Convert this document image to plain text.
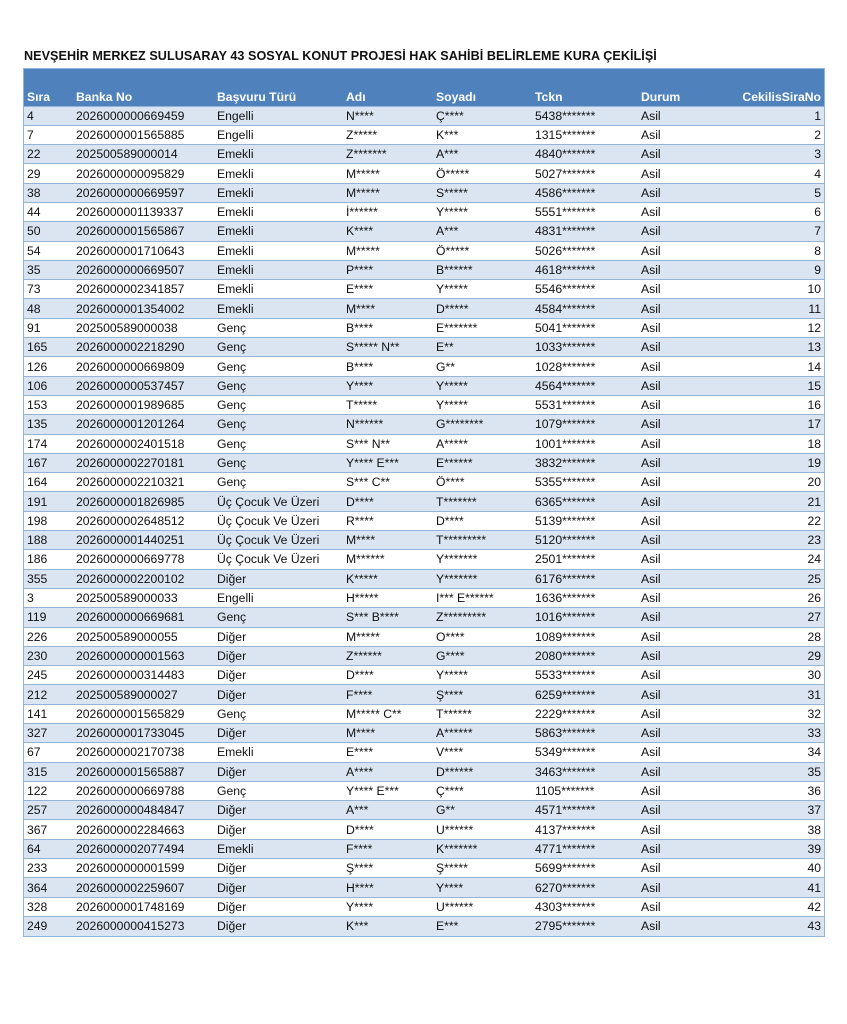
NEVŞEHİR MERKEZ SULUSARAY 43 SOSYAL KONUT PROJESİ HAK SAHİBİ BELİRLEME KURA ÇEKİLİŞİ
Sıra	Banka No	Başvuru Türü	Adı	Soyadı	Tckn	Durum	CekilisSiraNo
4	2026000000669459	Engelli	N****	Ç****	5438*******	Asil	1
7	2026000001565885	Engelli	Z*****	K***	1315*******	Asil	2
22	202500589000014	Emekli	Z*******	A***	4840*******	Asil	3
29	2026000000095829	Emekli	M*****	Ö*****	5027*******	Asil	4
38	2026000000669597	Emekli	M*****	S*****	4586*******	Asil	5
44	2026000001139337	Emekli	İ******	Y*****	5551*******	Asil	6
50	2026000001565867	Emekli	K****	A***	4831*******	Asil	7
54	2026000001710643	Emekli	M*****	Ö*****	5026*******	Asil	8
35	2026000000669507	Emekli	P****	B******	4618*******	Asil	9
73	2026000002341857	Emekli	E****	Y*****	5546*******	Asil	10
48	2026000001354002	Emekli	M****	D*****	4584*******	Asil	11
91	202500589000038	Genç	B****	E*******	5041*******	Asil	12
165	2026000002218290	Genç	S***** N**	E**	1033*******	Asil	13
126	2026000000669809	Genç	B****	G**	1028*******	Asil	14
106	2026000000537457	Genç	Y****	Y*****	4564*******	Asil	15
153	2026000001989685	Genç	T*****	Y*****	5531*******	Asil	16
135	2026000001201264	Genç	N******	G********	1079*******	Asil	17
174	2026000002401518	Genç	S*** N**	A*****	1001*******	Asil	18
167	2026000002270181	Genç	Y**** E***	E******	3832*******	Asil	19
164	2026000002210321	Genç	S*** C**	Ö****	5355*******	Asil	20
191	2026000001826985	Üç Çocuk Ve Üzeri	D****	T*******	6365*******	Asil	21
198	2026000002648512	Üç Çocuk Ve Üzeri	R****	D****	5139*******	Asil	22
188	2026000001440251	Üç Çocuk Ve Üzeri	M****	T*********	5120*******	Asil	23
186	2026000000669778	Üç Çocuk Ve Üzeri	M******	Y*******	2501*******	Asil	24
355	2026000002200102	Diğer	K*****	Y*******	6176*******	Asil	25
3	202500589000033	Engelli	H*****	I*** E******	1636*******	Asil	26
119	2026000000669681	Genç	S*** B****	Z*********	1016*******	Asil	27
226	202500589000055	Diğer	M*****	O****	1089*******	Asil	28
230	2026000000001563	Diğer	Z******	G****	2080*******	Asil	29
245	2026000000314483	Diğer	D****	Y*****	5533*******	Asil	30
212	202500589000027	Diğer	F****	Ş****	6259*******	Asil	31
141	2026000001565829	Genç	M***** C**	T******	2229*******	Asil	32
327	2026000001733045	Diğer	M****	A******	5863*******	Asil	33
67	2026000002170738	Emekli	E****	V****	5349*******	Asil	34
315	2026000001565887	Diğer	A****	D******	3463*******	Asil	35
122	2026000000669788	Genç	Y**** E***	Ç****	1105*******	Asil	36
257	2026000000484847	Diğer	A***	G**	4571*******	Asil	37
367	2026000002284663	Diğer	D****	U******	4137*******	Asil	38
64	2026000002077494	Emekli	F****	K*******	4771*******	Asil	39
233	2026000000001599	Diğer	Ş****	Ş*****	5699*******	Asil	40
364	2026000002259607	Diğer	H****	Y****	6270*******	Asil	41
328	2026000001748169	Diğer	Y****	U******	4303*******	Asil	42
249	2026000000415273	Diğer	K***	E***	2795*******	Asil	43
